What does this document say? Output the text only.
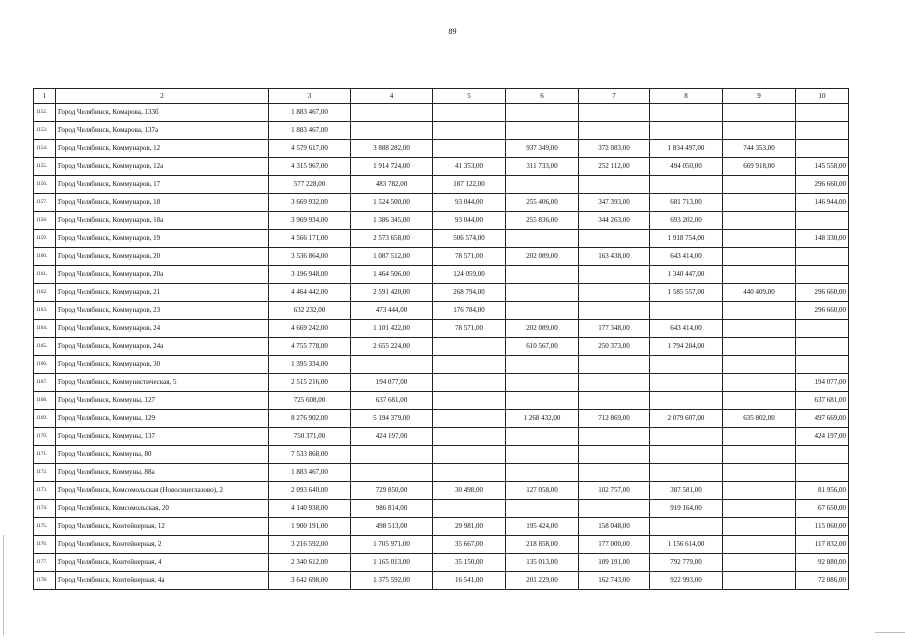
89
1	2	3	4	5	6	7	8	9	10
1152.	Город Челябинск, Комарова, 133б	1 883 467,00							
1153.	Город Челябинск, Комарова, 137а	1 883 467,00							
1154.	Город Челябинск, Коммунаров, 12	4 579 617,00	3 888 282,00		937 349,00	372 083,00	1 834 497,00	744 353,00	
1155.	Город Челябинск, Коммунаров, 12а	4 315 967,00	1 914 724,00	41 353,00	311 733,00	252 112,00	494 050,00	669 918,00	145 558,00
1156.	Город Челябинск, Коммунаров, 17	577 228,00	483 782,00	187 122,00					296 660,00
1157.	Город Челябинск, Коммунаров, 18	3 669 932,00	1 524 500,00	93 044,00	255 406,00	347 393,00	681 713,00		146 944,00
1158.	Город Челябинск, Коммунаров, 18а	3 969 934,00	1 386 345,00	93 044,00	255 836,00	344 263,00	693 202,00		
1159.	Город Челябинск, Коммунаров, 19	4 566 171,00	2 573 658,00	506 574,00			1 918 754,00		148 330,00
1160.	Город Челябинск, Коммунаров, 20	3 536 864,00	1 087 512,00	78 571,00	202 089,00	163 438,00	643 414,00		
1161.	Город Челябинск, Коммунаров, 20а	3 196 948,00	1 464 506,00	124 059,00			1 340 447,00		
1162.	Город Челябинск, Коммунаров, 21	4 464 442,00	2 591 420,00	268 794,00			1 585 557,00	440 409,00	296 660,00
1163.	Город Челябинск, Коммунаров, 23	632 232,00	473 444,00	176 784,00					296 660,00
1164.	Город Челябинск, Коммунаров, 24	4 669 242,00	1 101 422,00	78 571,00	202 089,00	177 348,00	643 414,00		
1165.	Город Челябинск, Коммунаров, 24а	4 755 778,00	2 655 224,00		610 567,00	250 373,00	1 794 284,00		
1166.	Город Челябинск, Коммунаров, 30	1 395 334,00							
1167.	Город Челябинск, Коммунистическая, 5	2 515 216,00	194 077,00						194 077,00
1168.	Город Челябинск, Коммуны, 127	725 608,00	637 681,00						637 681,00
1169.	Город Челябинск, Коммуны, 129	8 276 902,00	5 194 379,00		1 268 432,00	712 869,00	2 079 607,00	635 802,00	497 669,00
1170.	Город Челябинск, Коммуны, 137	750 371,00	424 197,00						424 197,00
1171.	Город Челябинск, Коммуны, 80	7 533 868,00							
1172.	Город Челябинск, Коммуны, 88а	1 883 467,00							
1173.	Город Челябинск, Комсомольская (Новосинеглазово), 2	2 093 640,00	729 850,00	30 498,00	127 058,00	102 757,00	387 581,00		81 956,00
1174.	Город Челябинск, Комсомольская, 20	4 140 938,00	986 814,00				919 164,00		67 650,00
1175.	Город Челябинск, Контейнерная, 12	1 900 191,00	498 513,00	29 981,00	195 424,00	158 048,00			115 060,00
1176.	Город Челябинск, Контейнерная, 2	3 216 592,00	1 705 971,00	35 667,00	218 858,00	177 000,00	1 156 614,00		117 832,00
1177.	Город Челябинск, Контейнерная, 4	2 340 612,00	1 165 013,00	35 150,00	135 013,00	109 191,00	792 779,00		92 880,00
1178.	Город Челябинск, Контейнерная, 4а	3 642 698,00	1 375 592,00	16 541,00	201 229,00	162 743,00	922 993,00		72 086,00
